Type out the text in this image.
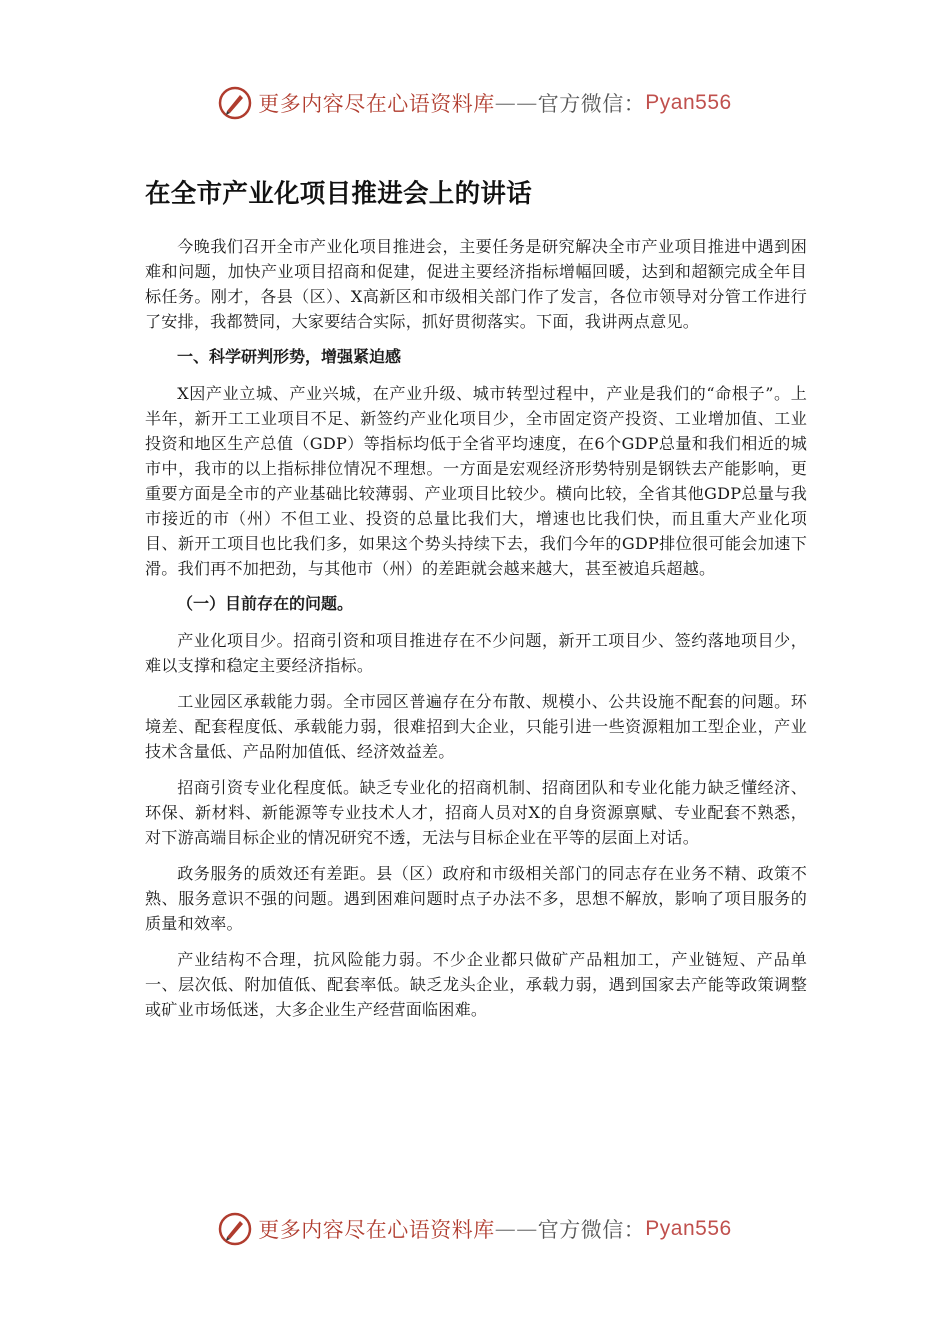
更多内容尽在心语资料库 —— 官方微信： Pyan556
在全市产业化项目推进会上的讲话

今晚我们召开全市产业化项目推进会，主要任务是研究解决全市产业项目推进中遇到困难和问题，加快产业项目招商和促建，促进主要经济指标增幅回暖，达到和超额完成全年目标任务。刚才，各县（区）、X高新区和市级相关部门作了发言，各位市领导对分管工作进行了安排，我都赞同，大家要结合实际，抓好贯彻落实。下面，我讲两点意见。

一、科学研判形势，增强紧迫感

X因产业立城、产业兴城，在产业升级、城市转型过程中，产业是我们的“命根子”。上半年，新开工工业项目不足、新签约产业化项目少，全市固定资产投资、工业增加值、工业投资和地区生产总值（GDP）等指标均低于全省平均速度，在6个GDP总量和我们相近的城市中，我市的以上指标排位情况不理想。一方面是宏观经济形势特别是钢铁去产能影响，更重要方面是全市的产业基础比较薄弱、产业项目比较少。横向比较，全省其他GDP总量与我市接近的市（州）不但工业、投资的总量比我们大，增速也比我们快，而且重大产业化项目、新开工项目也比我们多，如果这个势头持续下去，我们今年的GDP排位很可能会加速下滑。我们再不加把劲，与其他市（州）的差距就会越来越大，甚至被追兵超越。

（一）目前存在的问题。

产业化项目少。招商引资和项目推进存在不少问题，新开工项目少、签约落地项目少，难以支撑和稳定主要经济指标。

工业园区承载能力弱。全市园区普遍存在分布散、规模小、公共设施不配套的问题。环境差、配套程度低、承载能力弱，很难招到大企业，只能引进一些资源粗加工型企业，产业技术含量低、产品附加值低、经济效益差。

招商引资专业化程度低。缺乏专业化的招商机制、招商团队和专业化能力缺乏懂经济、环保、新材料、新能源等专业技术人才，招商人员对X的自身资源禀赋、专业配套不熟悉，对下游高端目标企业的情况研究不透，无法与目标企业在平等的层面上对话。

政务服务的质效还有差距。县（区）政府和市级相关部门的同志存在业务不精、政策不熟、服务意识不强的问题。遇到困难问题时点子办法不多，思想不解放，影响了项目服务的质量和效率。

产业结构不合理，抗风险能力弱。不少企业都只做矿产品粗加工，产业链短、产品单一、层次低、附加值低、配套率低。缺乏龙头企业，承载力弱，遇到国家去产能等政策调整或矿业市场低迷，大多企业生产经营面临困难。

更多内容尽在心语资料库 —— 官方微信： Pyan556
